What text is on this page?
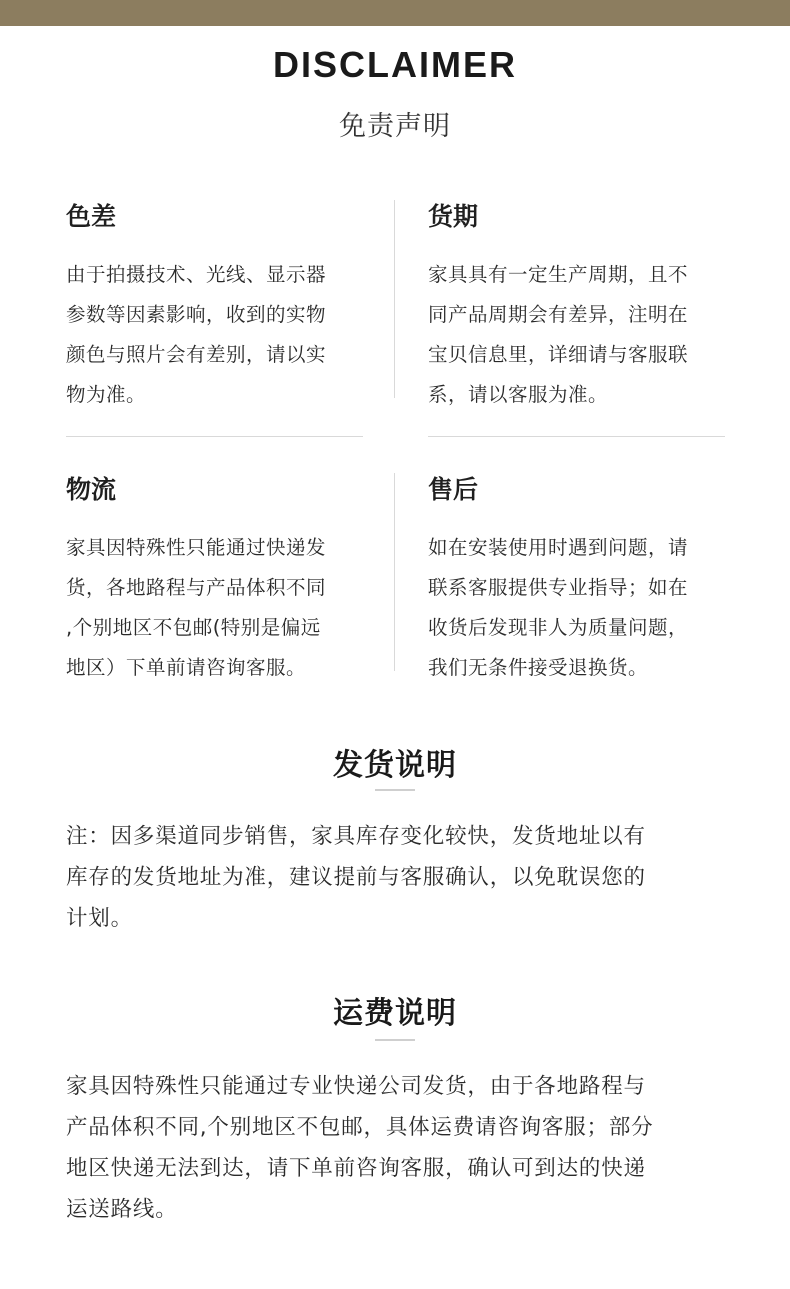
DISCLAIMER
免责声明
色差
由于拍摄技术、光线、显示器
参数等因素影响，收到的实物
颜色与照片会有差别，请以实
物为准。
货期
家具具有一定生产周期，且不
同产品周期会有差异，注明在
宝贝信息里，详细请与客服联
系，请以客服为准。
物流
家具因特殊性只能通过快递发
货，各地路程与产品体积不同
,个别地区不包邮(特别是偏远
地区）下单前请咨询客服。
售后
如在安装使用时遇到问题，请
联系客服提供专业指导；如在
收货后发现非人为质量问题，
我们无条件接受退换货。
发货说明
注：因多渠道同步销售，家具库存变化较快，发货地址以有
库存的发货地址为准，建议提前与客服确认，以免耽误您的
计划。
运费说明
家具因特殊性只能通过专业快递公司发货，由于各地路程与
产品体积不同,个别地区不包邮，具体运费请咨询客服；部分
地区快递无法到达，请下单前咨询客服，确认可到达的快递
运送路线。
